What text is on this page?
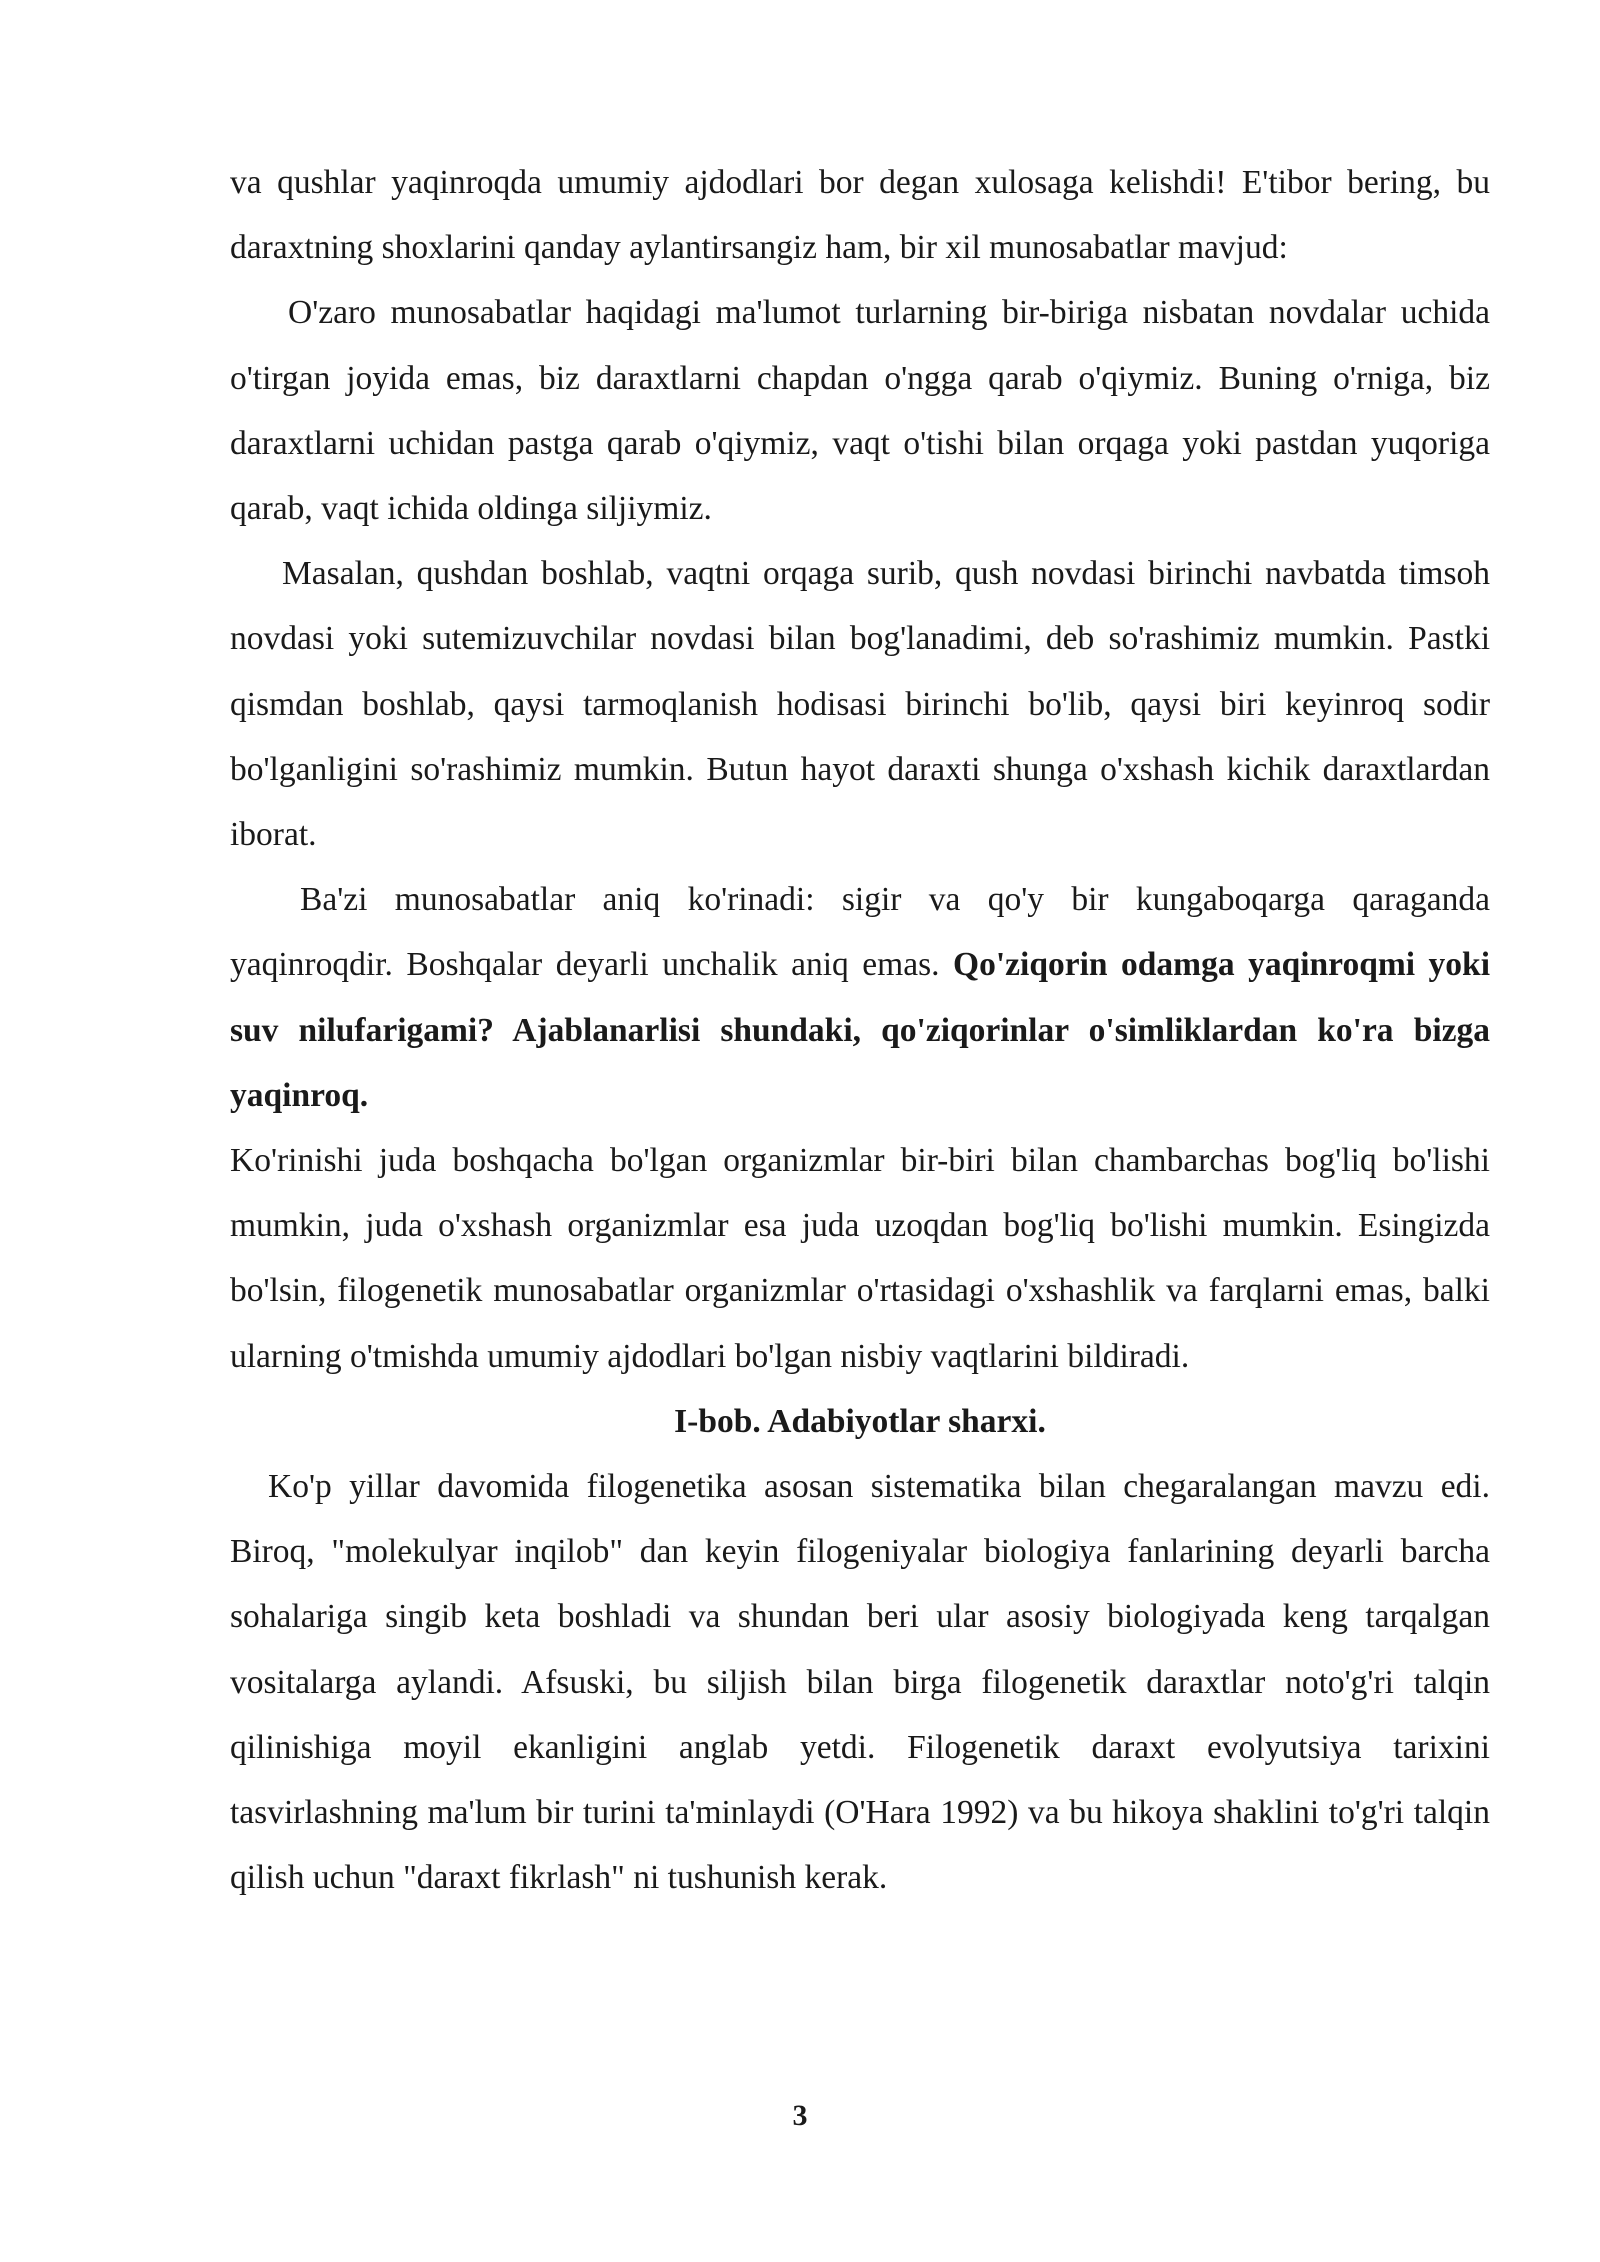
va qushlar yaqinroqda umumiy ajdodlari bor degan xulosaga kelishdi! E'tibor bering, bu daraxtning shoxlarini qanday aylantirsangiz ham, bir xil munosabatlar mavjud:

O'zaro munosabatlar haqidagi ma'lumot turlarning bir-biriga nisbatan novdalar uchida o'tirgan joyida emas, biz daraxtlarni chapdan o'ngga qarab o'qiymiz. Buning o'rniga, biz daraxtlarni uchidan pastga qarab o'qiymiz, vaqt o'tishi bilan orqaga yoki pastdan yuqoriga qarab, vaqt ichida oldinga siljiymiz.

Masalan, qushdan boshlab, vaqtni orqaga surib, qush novdasi birinchi navbatda timsoh novdasi yoki sutemizuvchilar novdasi bilan bog'lanadimi, deb so'rashimiz mumkin. Pastki qismdan boshlab, qaysi tarmoqlanish hodisasi birinchi bo'lib, qaysi biri keyinroq sodir bo'lganligini so'rashimiz mumkin. Butun hayot daraxti shunga o'xshash kichik daraxtlardan iborat.

Ba'zi munosabatlar aniq ko'rinadi: sigir va qo'y bir kungaboqarga qaraganda yaqinroqdir. Boshqalar deyarli unchalik aniq emas. Qo'ziqorin odamga yaqinroqmi yoki suv nilufarigami? Ajablanarlisi shundaki, qo'ziqorinlar o'simliklardan ko'ra bizga yaqinroq.

Ko'rinishi juda boshqacha bo'lgan organizmlar bir-biri bilan chambarchas bog'liq bo'lishi mumkin, juda o'xshash organizmlar esa juda uzoqdan bog'liq bo'lishi mumkin. Esingizda bo'lsin, filogenetik munosabatlar organizmlar o'rtasidagi o'xshashlik va farqlarni emas, balki ularning o'tmishda umumiy ajdodlari bo'lgan nisbiy vaqtlarini bildiradi.

I-bob. Adabiyotlar sharxi.

Ko'p yillar davomida filogenetika asosan sistematika bilan chegaralangan mavzu edi. Biroq, "molekulyar inqilob" dan keyin filogeniyalar biologiya fanlarining deyarli barcha sohalariga singib keta boshladi va shundan beri ular asosiy biologiyada keng tarqalgan vositalarga aylandi. Afsuski, bu siljish bilan birga filogenetik daraxtlar noto'g'ri talqin qilinishiga moyil ekanligini anglab yetdi. Filogenetik daraxt evolyutsiya tarixini tasvirlashning ma'lum bir turini ta'minlaydi (O'Hara 1992) va bu hikoya shaklini to'g'ri talqin qilish uchun "daraxt fikrlash" ni tushunish kerak.

3
